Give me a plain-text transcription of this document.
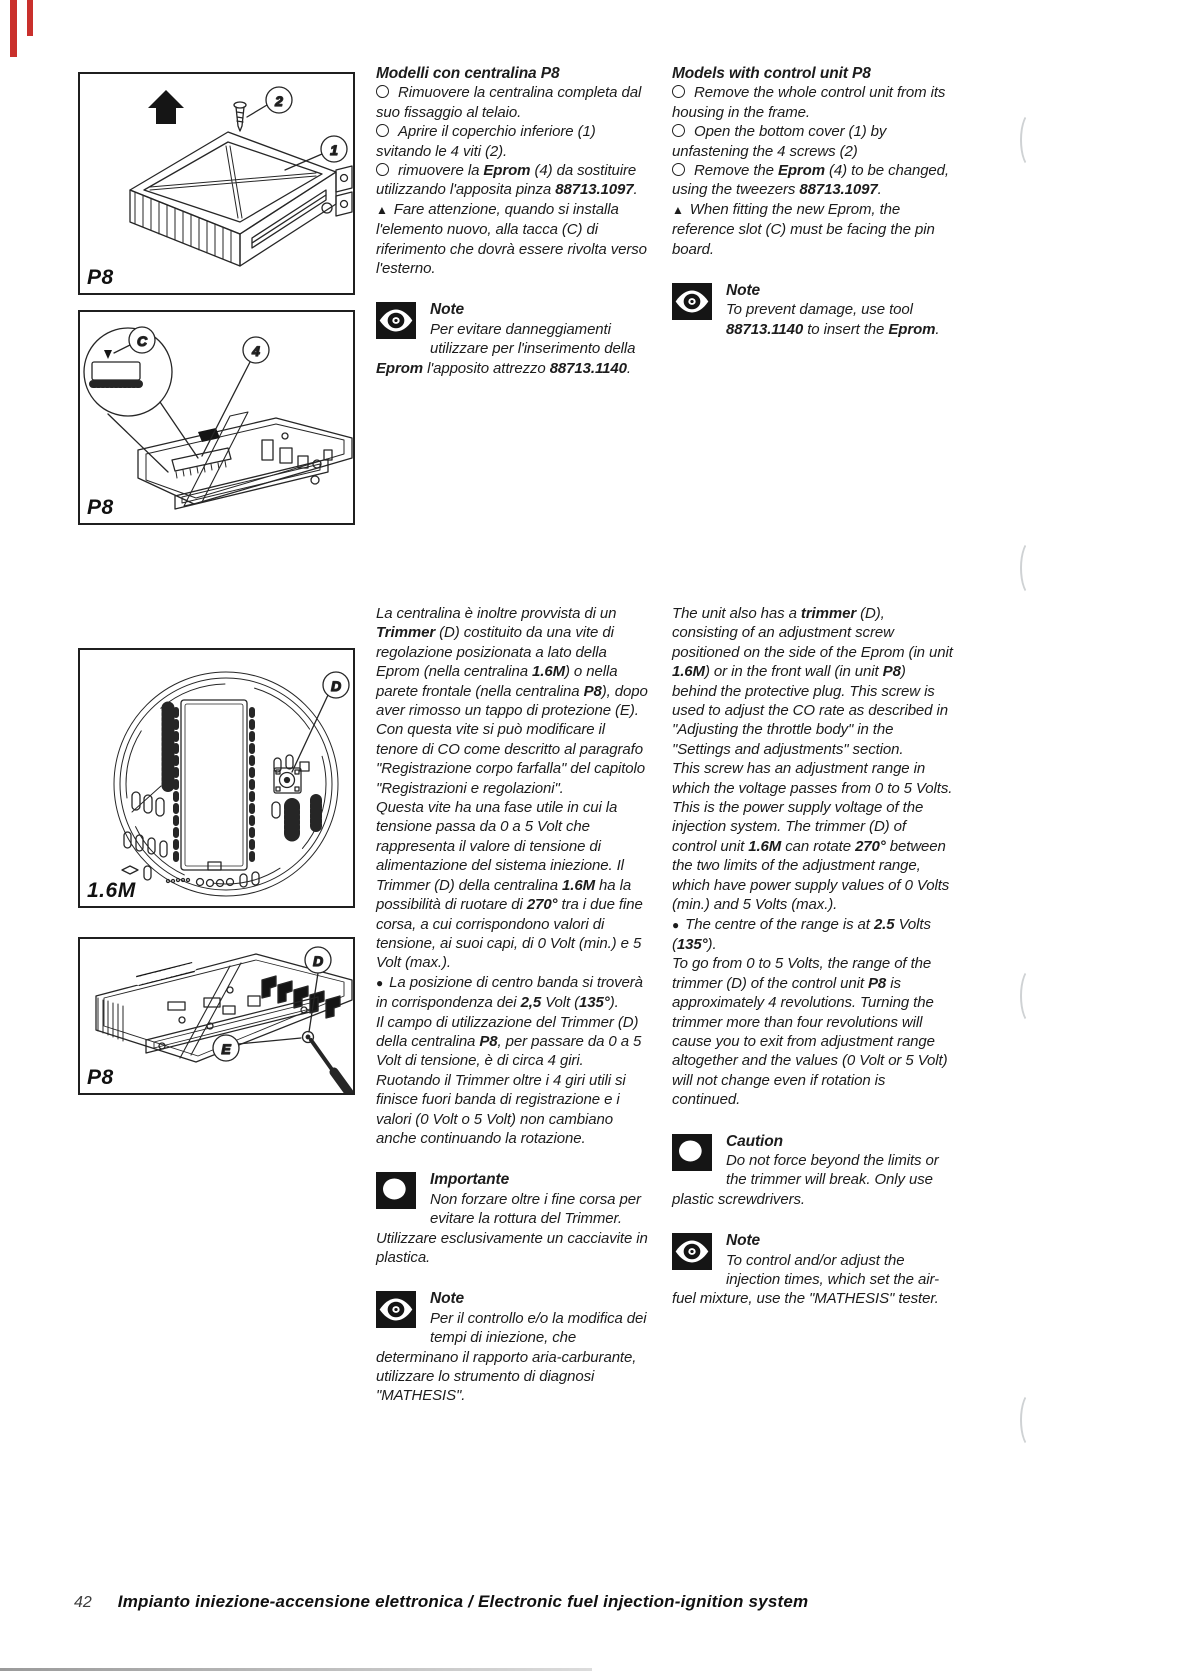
2
1
P8
C
4
P8
D
1.6M
D
E
P8
Modelli con centralina P8
Rimuovere la centralina completa dal suo fissaggio al telaio.
Aprire il coperchio inferiore (1) svitando le 4 viti (2).
rimuovere la Eprom (4) da sostituire utilizzando l'apposita pinza 88713.1097.
▲ Fare attenzione, quando si installa l'elemento nuovo, alla tacca (C) di riferimento che dovrà essere rivolta verso l'esterno.
Note
Per evitare danneggiamenti utilizzare per l'inserimento della Eprom l'apposito attrezzo 88713.1140.
Models with control unit P8
Remove the whole control unit from its housing in the frame.
Open the bottom cover (1) by unfastening the 4 screws (2)
Remove the Eprom (4) to be changed, using the tweezers 88713.1097.
▲ When fitting the new Eprom, the reference slot (C) must be facing the pin board.
Note
To prevent damage, use tool 88713.1140 to insert the Eprom.
La centralina è inoltre provvista di un Trimmer (D) costituito da una vite di regolazione posizionata a lato della Eprom (nella centralina 1.6M) o nella parete frontale (nella centralina P8), dopo aver rimosso un tappo di protezione (E). Con questa vite si può modificare il tenore di CO come descritto al paragrafo "Registrazione corpo farfalla" del capitolo "Registrazioni e regolazioni".
Questa vite ha una fase utile in cui la tensione passa da 0 a 5 Volt che rappresenta il valore di tensione di alimentazione del sistema iniezione. Il Trimmer (D) della centralina 1.6M ha la possibilità di ruotare di 270° tra i due fine corsa, a cui corrispondono valori di tensione, ai suoi capi, di 0 Volt (min.) e 5 Volt (max.).
● La posizione di centro banda si troverà in corrispondenza dei 2,5 Volt (135°).
Il campo di utilizzazione del Trimmer (D) della centralina P8, per passare da 0 a 5 Volt di tensione, è di circa 4 giri. Ruotando il Trimmer oltre i 4 giri utili si finisce fuori banda di registrazione e i valori (0 Volt o 5 Volt) non cambiano anche continuando la rotazione.
Importante
Non forzare oltre i fine corsa per evitare la rottura del Trimmer. Utilizzare esclusivamente un cacciavite in plastica.
Note
Per il controllo e/o la modifica dei tempi di iniezione, che determinano il rapporto aria-carburante, utilizzare lo strumento di diagnosi "MATHESIS".
The unit also has a trimmer (D), consisting of an adjustment screw positioned on the side of the Eprom (in unit 1.6M) or in the front wall (in unit P8) behind the protective plug. This screw is used to adjust the CO rate as described in "Adjusting the throttle body" in the "Settings and adjustments" section.
This screw has an adjustment range in which the voltage passes from 0 to 5 Volts. This is the power supply voltage of the injection system. The trimmer (D) of control unit 1.6M can rotate 270° between the two limits of the adjustment range, which have power supply values of 0 Volts (min.) and 5 Volts (max.).
● The centre of the range is at 2.5 Volts (135°).
To go from 0 to 5 Volts, the range of the trimmer (D) of the control unit P8 is approximately 4 revolutions. Turning the trimmer more than four revolutions will cause you to exit from adjustment range altogether and the values (0 Volt or 5 Volt) will not change even if rotation is continued.
Caution
Do not force beyond the limits or the trimmer will break. Only use plastic screwdrivers.
Note
To control and/or adjust the injection times, which set the air-fuel mixture, use the "MATHESIS" tester.
42 Impianto iniezione-accensione elettronica / Electronic fuel injection-ignition system
